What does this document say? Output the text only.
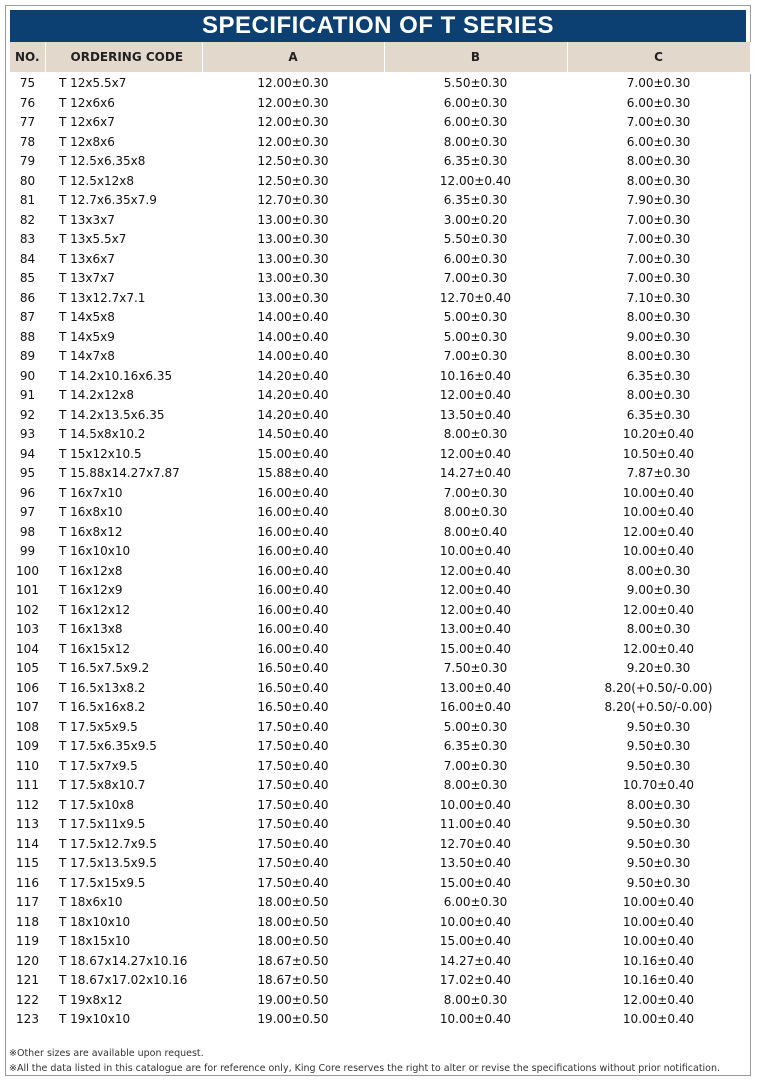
SPECIFICATION OF T SERIES
NO.	ORDERING CODE	A	B	C
75	T 12x5.5x7	12.00±0.30	5.50±0.30	7.00±0.30
76	T 12x6x6	12.00±0.30	6.00±0.30	6.00±0.30
77	T 12x6x7	12.00±0.30	6.00±0.30	7.00±0.30
78	T 12x8x6	12.00±0.30	8.00±0.30	6.00±0.30
79	T 12.5x6.35x8	12.50±0.30	6.35±0.30	8.00±0.30
80	T 12.5x12x8	12.50±0.30	12.00±0.40	8.00±0.30
81	T 12.7x6.35x7.9	12.70±0.30	6.35±0.30	7.90±0.30
82	T 13x3x7	13.00±0.30	3.00±0.20	7.00±0.30
83	T 13x5.5x7	13.00±0.30	5.50±0.30	7.00±0.30
84	T 13x6x7	13.00±0.30	6.00±0.30	7.00±0.30
85	T 13x7x7	13.00±0.30	7.00±0.30	7.00±0.30
86	T 13x12.7x7.1	13.00±0.30	12.70±0.40	7.10±0.30
87	T 14x5x8	14.00±0.40	5.00±0.30	8.00±0.30
88	T 14x5x9	14.00±0.40	5.00±0.30	9.00±0.30
89	T 14x7x8	14.00±0.40	7.00±0.30	8.00±0.30
90	T 14.2x10.16x6.35	14.20±0.40	10.16±0.40	6.35±0.30
91	T 14.2x12x8	14.20±0.40	12.00±0.40	8.00±0.30
92	T 14.2x13.5x6.35	14.20±0.40	13.50±0.40	6.35±0.30
93	T 14.5x8x10.2	14.50±0.40	8.00±0.30	10.20±0.40
94	T 15x12x10.5	15.00±0.40	12.00±0.40	10.50±0.40
95	T 15.88x14.27x7.87	15.88±0.40	14.27±0.40	7.87±0.30
96	T 16x7x10	16.00±0.40	7.00±0.30	10.00±0.40
97	T 16x8x10	16.00±0.40	8.00±0.30	10.00±0.40
98	T 16x8x12	16.00±0.40	8.00±0.40	12.00±0.40
99	T 16x10x10	16.00±0.40	10.00±0.40	10.00±0.40
100	T 16x12x8	16.00±0.40	12.00±0.40	8.00±0.30
101	T 16x12x9	16.00±0.40	12.00±0.40	9.00±0.30
102	T 16x12x12	16.00±0.40	12.00±0.40	12.00±0.40
103	T 16x13x8	16.00±0.40	13.00±0.40	8.00±0.30
104	T 16x15x12	16.00±0.40	15.00±0.40	12.00±0.40
105	T 16.5x7.5x9.2	16.50±0.40	7.50±0.30	9.20±0.30
106	T 16.5x13x8.2	16.50±0.40	13.00±0.40	8.20(+0.50/-0.00)
107	T 16.5x16x8.2	16.50±0.40	16.00±0.40	8.20(+0.50/-0.00)
108	T 17.5x5x9.5	17.50±0.40	5.00±0.30	9.50±0.30
109	T 17.5x6.35x9.5	17.50±0.40	6.35±0.30	9.50±0.30
110	T 17.5x7x9.5	17.50±0.40	7.00±0.30	9.50±0.30
111	T 17.5x8x10.7	17.50±0.40	8.00±0.30	10.70±0.40
112	T 17.5x10x8	17.50±0.40	10.00±0.40	8.00±0.30
113	T 17.5x11x9.5	17.50±0.40	11.00±0.40	9.50±0.30
114	T 17.5x12.7x9.5	17.50±0.40	12.70±0.40	9.50±0.30
115	T 17.5x13.5x9.5	17.50±0.40	13.50±0.40	9.50±0.30
116	T 17.5x15x9.5	17.50±0.40	15.00±0.40	9.50±0.30
117	T 18x6x10	18.00±0.50	6.00±0.30	10.00±0.40
118	T 18x10x10	18.00±0.50	10.00±0.40	10.00±0.40
119	T 18x15x10	18.00±0.50	15.00±0.40	10.00±0.40
120	T 18.67x14.27x10.16	18.67±0.50	14.27±0.40	10.16±0.40
121	T 18.67x17.02x10.16	18.67±0.50	17.02±0.40	10.16±0.40
122	T 19x8x12	19.00±0.50	8.00±0.30	12.00±0.40
123	T 19x10x10	19.00±0.50	10.00±0.40	10.00±0.40
※Other sizes are available upon request.
※All the data listed in this catalogue are for reference only, King Core reserves the right to alter or revise the specifications without prior notification.
